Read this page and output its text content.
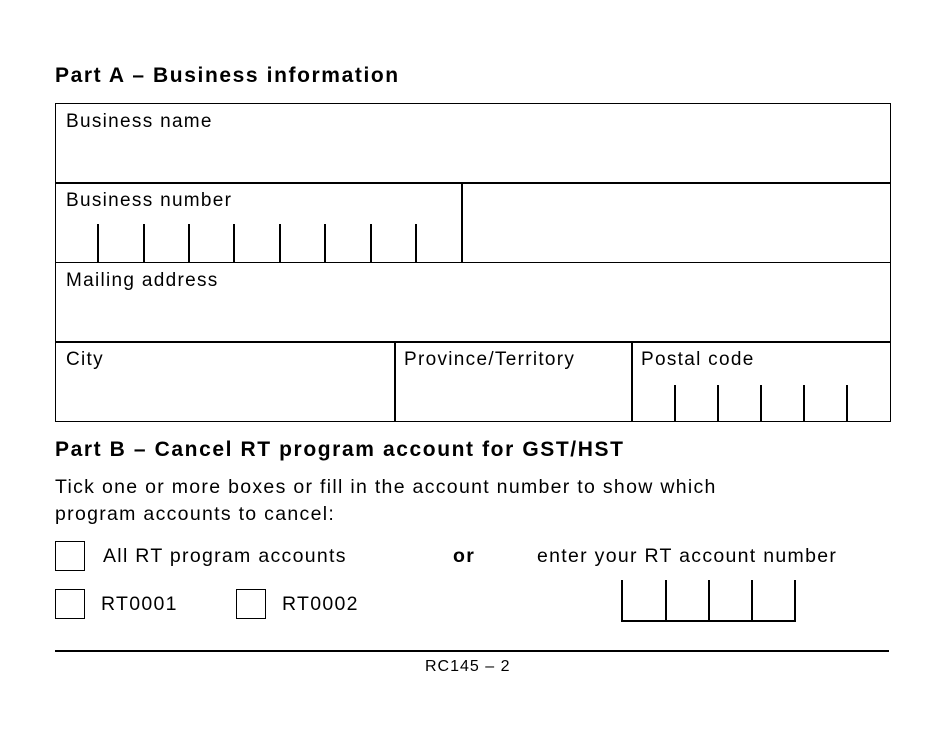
Part A – Business information
Business name
Business number
Mailing address
City	Province/Territory	Postal code
Part B – Cancel RT program account for GST/HST
Tick one or more boxes or fill in the account number to show which
program accounts to cancel:
All RT program accounts	or	enter your RT account number
RT0001	RT0002
RC145 – 2
